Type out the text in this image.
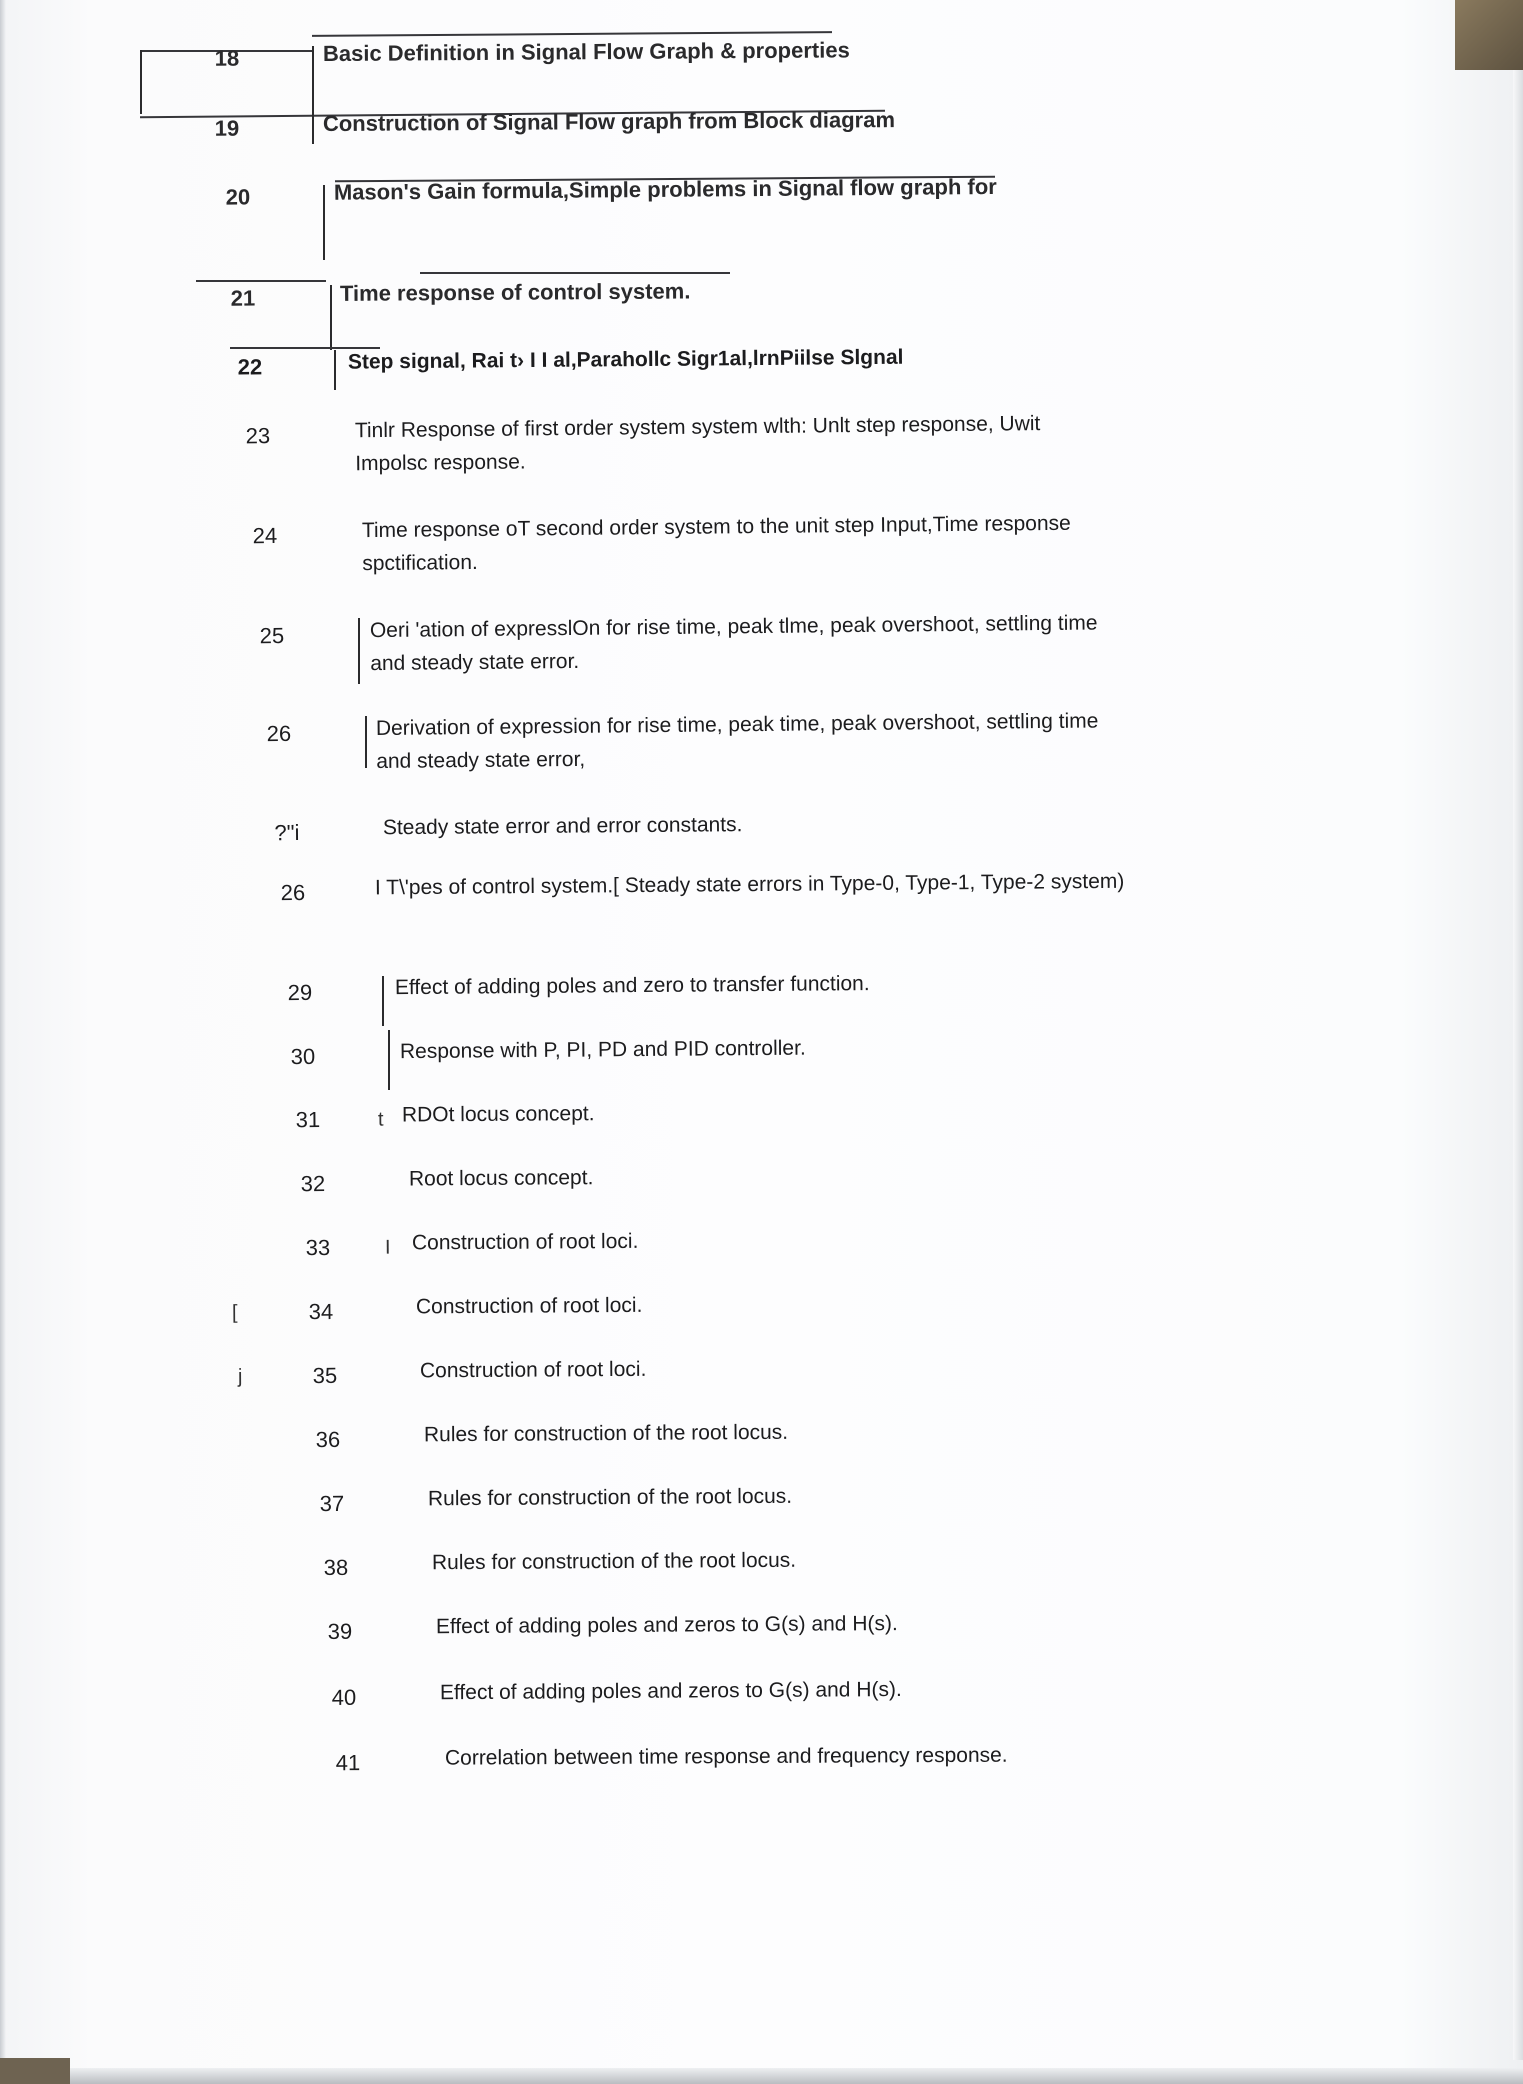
18	Basic Definition in Signal Flow Graph & properties
19	Construction of Signal Flow graph from Block diagram
20	Mason's Gain formula,Simple problems in Signal flow graph for
21	Time response of control system.
22	Step signal, Rai t› I I al,Parahollc Sigr1al,lrnPiilse Slgnal
23	Tinlr Response of first order system system wlth: Unlt step response, Uwit Impolsc response.
24	Time response oT second order system to the unit step Input,Time response spctification.
25	Oeri 'ation of expresslOn for rise time, peak tlme, peak overshoot, settling time and steady state error.
26	Derivation of expression for rise time, peak time, peak overshoot, settling time and steady state error,
?"i	Steady state error and error constants.
26	I T\'pes of control system.[ Steady state errors in Type-0, Type-1, Type-2 system)
29	Effect of adding poles and zero to transfer function.
30	Response with P, PI, PD and PID controller.
31	t RDOt locus concept.
32	Root locus concept.
33	I Construction of root loci.
[	34	Construction of root loci.
j	35	Construction of root loci.
36	Rules for construction of the root locus.
37	Rules for construction of the root locus.
38	Rules for construction of the root locus.
39	Effect of adding poles and zeros to G(s) and H(s).
40	Effect of adding poles and zeros to G(s) and H(s).
41	Correlation between time response and frequency response.
